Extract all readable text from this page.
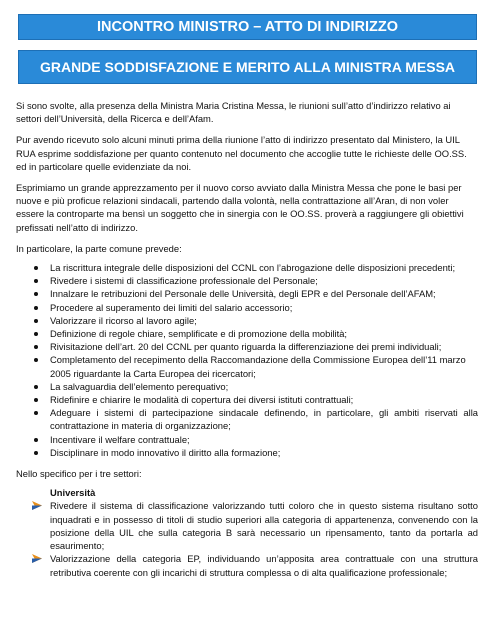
INCONTRO MINISTRO – ATTO DI INDIRIZZO
GRANDE SODDISFAZIONE E MERITO ALLA MINISTRA MESSA

Si sono svolte, alla presenza della Ministra Maria Cristina Messa, le riunioni sull’atto d’indirizzo relativo ai settori dell’Università, della Ricerca e dell’Afam.

Pur avendo ricevuto solo alcuni minuti prima della riunione l’atto di indirizzo presentato dal Ministero, la UIL RUA esprime soddisfazione per quanto contenuto nel documento che accoglie tutte le richieste delle OO.SS. ed in particolare quelle evidenziate da noi.

Esprimiamo un grande apprezzamento per il nuovo corso avviato dalla Ministra Messa che pone le basi per nuove e più proficue relazioni sindacali, partendo dalla volontà, nella contrattazione all’Aran, di non voler essere la controparte ma bensì un soggetto che in sinergia con le OO.SS. proverà a raggiungere gli obiettivi prefissati nell’atto di indirizzo.

In particolare, la parte comune prevede:

La riscrittura integrale delle disposizioni del CCNL con l’abrogazione delle disposizioni precedenti;
Rivedere i sistemi di classificazione professionale del Personale;
Innalzare le retribuzioni del Personale delle Università, degli EPR e del Personale dell’AFAM;
Procedere al superamento dei limiti del salario accessorio;
Valorizzare il ricorso al lavoro agile;
Definizione di regole chiare, semplificate e di promozione della mobilità;
Rivisitazione dell’art. 20 del CCNL per quanto riguarda la differenziazione dei premi individuali;
Completamento del recepimento della Raccomandazione della Commissione Europea dell’11 marzo 2005 riguardante la Carta Europea dei ricercatori;
La salvaguardia dell’elemento perequativo;
Ridefinire e chiarire le modalità di copertura dei diversi istituti contrattuali;
Adeguare i sistemi di partecipazione sindacale definendo, in particolare, gli ambiti riservati alla contrattazione in materia di organizzazione;
Incentivare il welfare contrattuale;
Disciplinare in modo innovativo il diritto alla formazione;

Nello specifico per i tre settori:

Università
Rivedere il sistema di classificazione valorizzando tutti coloro che in questo sistema risultano sotto inquadrati e in possesso di titoli di studio superiori alla categoria di appartenenza, convenendo con la posizione della UIL che sulla categoria B sarà necessario un ripensamento, tanto da portarla ad esaurimento;
Valorizzazione della categoria EP, individuando un’apposita area contrattuale con una struttura retributiva coerente con gli incarichi di struttura complessa o di alta qualificazione professionale;
